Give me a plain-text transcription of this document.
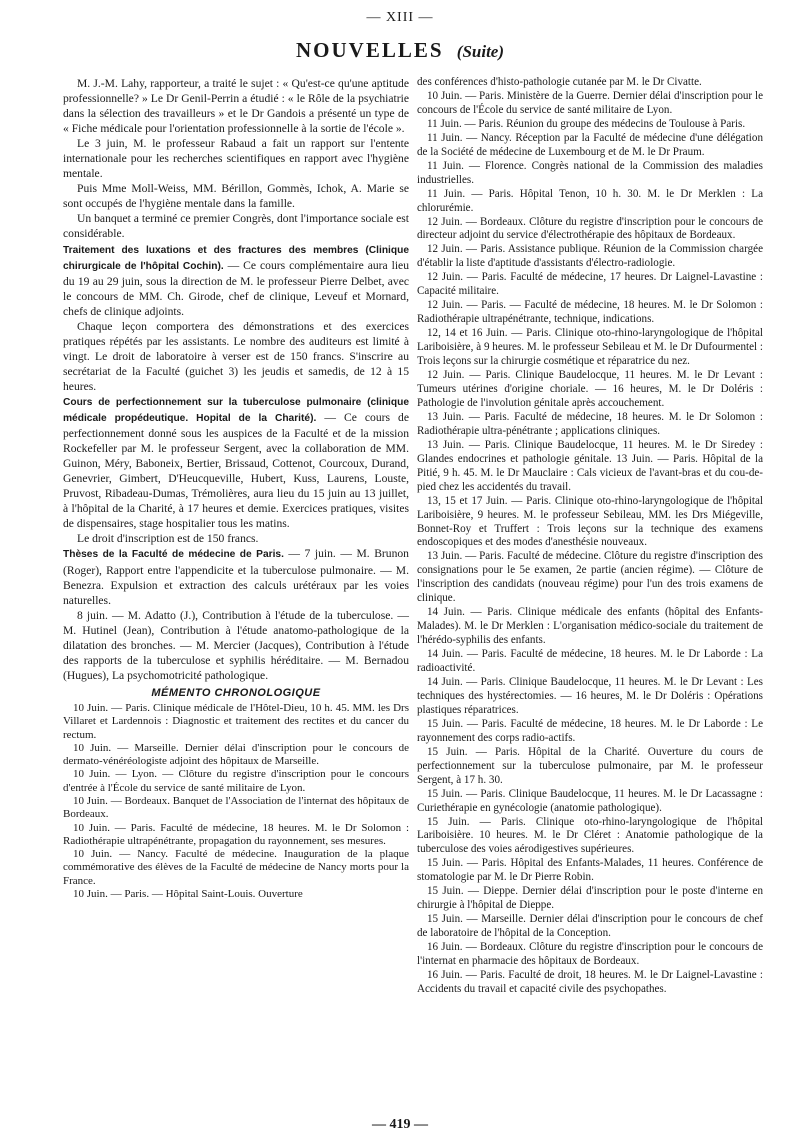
— XIII —
NOUVELLES (Suite)

M. J.-M. Lahy, rapporteur, a traité le sujet : « Qu'est-ce qu'une aptitude professionnelle? » Le Dr Genil-Perrin a étudié : « le Rôle de la psychiatrie dans la sélection des travailleurs » et le Dr Gandois a présenté un type de « Fiche médicale pour l'orientation professionnelle à la sortie de l'école ».

Le 3 juin, M. le professeur Rabaud a fait un rapport sur l'entente internationale pour les recherches scientifiques en rapport avec l'hygiène mentale.

Puis Mme Moll-Weiss, MM. Bérillon, Gommès, Ichok, A. Marie se sont occupés de l'hygiène mentale dans la famille.

Un banquet a terminé ce premier Congrès, dont l'importance sociale est considérable.

Traitement des luxations et des fractures des membres (Clinique chirurgicale de l'hôpital Cochin). — Ce cours complémentaire aura lieu du 19 au 29 juin, sous la direction de M. le professeur Pierre Delbet, avec le concours de MM. Ch. Girode, chef de clinique, Leveuf et Mornard, chefs de clinique adjoints.

Chaque leçon comportera des démonstrations et des exercices pratiques répétés par les assistants. Le nombre des auditeurs est limité à vingt. Le droit de laboratoire à verser est de 150 francs. S'inscrire au secrétariat de la Faculté (guichet 3) les jeudis et samedis, de 12 à 15 heures.

Cours de perfectionnement sur la tuberculose pulmonaire (clinique médicale propédeutique. Hopital de la Charité). — Ce cours de perfectionnement donné sous les auspices de la Faculté et de la mission Rockefeller par M. le professeur Sergent, avec la collaboration de MM. Guinon, Méry, Baboneix, Bertier, Brissaud, Cottenot, Courcoux, Durand, Genevrier, Gimbert, D'Heucqueville, Hubert, Kuss, Laurens, Louste, Pruvost, Ribadeau-Dumas, Trémolières, aura lieu du 15 juin au 13 juillet, à l'hôpital de la Charité, à 17 heures et demie. Exercices pratiques, visites de dispensaires, stage hospitalier tous les matins.

Le droit d'inscription est de 150 francs.

Thèses de la Faculté de médecine de Paris. — 7 juin. — M. Brunon (Roger), Rapport entre l'appendicite et la tuberculose pulmonaire. — M. Benezra. Expulsion et extraction des calculs urétéraux par les voies naturelles.

8 juin. — M. Adatto (J.), Contribution à l'étude de la tuberculose. — M. Hutinel (Jean), Contribution à l'étude anatomo-pathologique de la dilatation des bronches. — M. Mercier (Jacques), Contribution à l'étude des rapports de la tuberculose et syphilis héréditaire. — M. Bernadou (Hugues), La psychomotricité pathologique.

MÉMENTO CHRONOLOGIQUE

10 Juin. — Paris. Clinique médicale de l'Hôtel-Dieu, 10 h. 45. MM. les Drs Villaret et Lardennois : Diagnostic et traitement des rectites et du cancer du rectum.

10 Juin. — Marseille. Dernier délai d'inscription pour le concours de dermato-vénéréologiste adjoint des hôpitaux de Marseille.

10 Juin. — Lyon. — Clôture du registre d'inscription pour le concours d'entrée à l'École du service de santé militaire de Lyon.

10 Juin. — Bordeaux. Banquet de l'Association de l'internat des hôpitaux de Bordeaux.

10 Juin. — Paris. Faculté de médecine, 18 heures. M. le Dr Solomon : Radiothérapie ultrapénétrante, propagation du rayonnement, ses mesures.

10 Juin. — Nancy. Faculté de médecine. Inauguration de la plaque commémorative des élèves de la Faculté de médecine de Nancy morts pour la France.

10 Juin. — Paris. — Hôpital Saint-Louis. Ouverture

des conférences d'histo-pathologie cutanée par M. le Dr Civatte.

10 Juin. — Paris. Ministère de la Guerre. Dernier délai d'inscription pour le concours de l'École du service de santé militaire de Lyon.

11 Juin. — Paris. Réunion du groupe des médecins de Toulouse à Paris.

11 Juin. — Nancy. Réception par la Faculté de médecine d'une délégation de la Société de médecine de Luxembourg et de M. le Dr Praum.

11 Juin. — Florence. Congrès national de la Commission des maladies industrielles.

11 Juin. — Paris. Hôpital Tenon, 10 h. 30. M. le Dr Merklen : La chlorurémie.

12 Juin. — Bordeaux. Clôture du registre d'inscription pour le concours de directeur adjoint du service d'électrothérapie des hôpitaux de Bordeaux.

12 Juin. — Paris. Assistance publique. Réunion de la Commission chargée d'établir la liste d'aptitude d'assistants d'électro-radiologie.

12 Juin. — Paris. Faculté de médecine, 17 heures. Dr Laignel-Lavastine : Capacité militaire.

12 Juin. — Paris. — Faculté de médecine, 18 heures. M. le Dr Solomon : Radiothérapie ultrapénétrante, technique, indications.

12, 14 et 16 Juin. — Paris. Clinique oto-rhino-laryngologique de l'hôpital Lariboisière, à 9 heures. M. le professeur Sebileau et M. le Dr Dufourmentel : Trois leçons sur la chirurgie cosmétique et réparatrice du nez.

12 Juin. — Paris. Clinique Baudelocque, 11 heures. M. le Dr Levant : Tumeurs utérines d'origine choriale. — 16 heures, M. le Dr Doléris : Pathologie de l'involution génitale après accouchement.

13 Juin. — Paris. Faculté de médecine, 18 heures. M. le Dr Solomon : Radiothérapie ultra-pénétrante ; applications cliniques.

13 Juin. — Paris. Clinique Baudelocque, 11 heures. M. le Dr Siredey : Glandes endocrines et pathologie génitale. 13 Juin. — Paris. Hôpital de la Pitié, 9 h. 45. M. le Dr Mauclaire : Cals vicieux de l'avant-bras et du cou-de-pied chez les accidentés du travail.

13, 15 et 17 Juin. — Paris. Clinique oto-rhino-laryngologique de l'hôpital Lariboisière, 9 heures. M. le professeur Sebileau, MM. les Drs Miégeville, Bonnet-Roy et Truffert : Trois leçons sur la technique des examens endoscopiques et des modes d'anesthésie nouveaux.

13 Juin. — Paris. Faculté de médecine. Clôture du registre d'inscription des consignations pour le 5e examen, 2e partie (ancien régime). — Clôture de l'inscription des candidats (nouveau régime) pour l'un des trois examens de clinique.

14 Juin. — Paris. Clinique médicale des enfants (hôpital des Enfants-Malades). M. le Dr Merklen : L'organisation médico-sociale du traitement de l'hérédo-syphilis des enfants.

14 Juin. — Paris. Faculté de médecine, 18 heures. M. le Dr Laborde : La radioactivité.

14 Juin. — Paris. Clinique Baudelocque, 11 heures. M. le Dr Levant : Les techniques des hystérectomies. — 16 heures, M. le Dr Doléris : Opérations plastiques réparatrices.

15 Juin. — Paris. Faculté de médecine, 18 heures. M. le Dr Laborde : Le rayonnement des corps radio-actifs.

15 Juin. — Paris. Hôpital de la Charité. Ouverture du cours de perfectionnement sur la tuberculose pulmonaire, par M. le professeur Sergent, à 17 h. 30.

15 Juin. — Paris. Clinique Baudelocque, 11 heures. M. le Dr Lacassagne : Curiethérapie en gynécologie (anatomie pathologique).

15 Juin. — Paris. Clinique oto-rhino-laryngologique de l'hôpital Lariboisière. 10 heures. M. le Dr Cléret : Anatomie pathologique de la tuberculose des voies aérodigestives supérieures.

15 Juin. — Paris. Hôpital des Enfants-Malades, 11 heures. Conférence de stomatologie par M. le Dr Pierre Robin.

15 Juin. — Dieppe. Dernier délai d'inscription pour le poste d'interne en chirurgie à l'hôpital de Dieppe.

15 Juin. — Marseille. Dernier délai d'inscription pour le concours de chef de laboratoire de l'hôpital de la Conception.

16 Juin. — Bordeaux. Clôture du registre d'inscription pour le concours de l'internat en pharmacie des hôpitaux de Bordeaux.

16 Juin. — Paris. Faculté de droit, 18 heures. M. le Dr Laignel-Lavastine : Accidents du travail et capacité civile des psychopathes.

— 419 —
